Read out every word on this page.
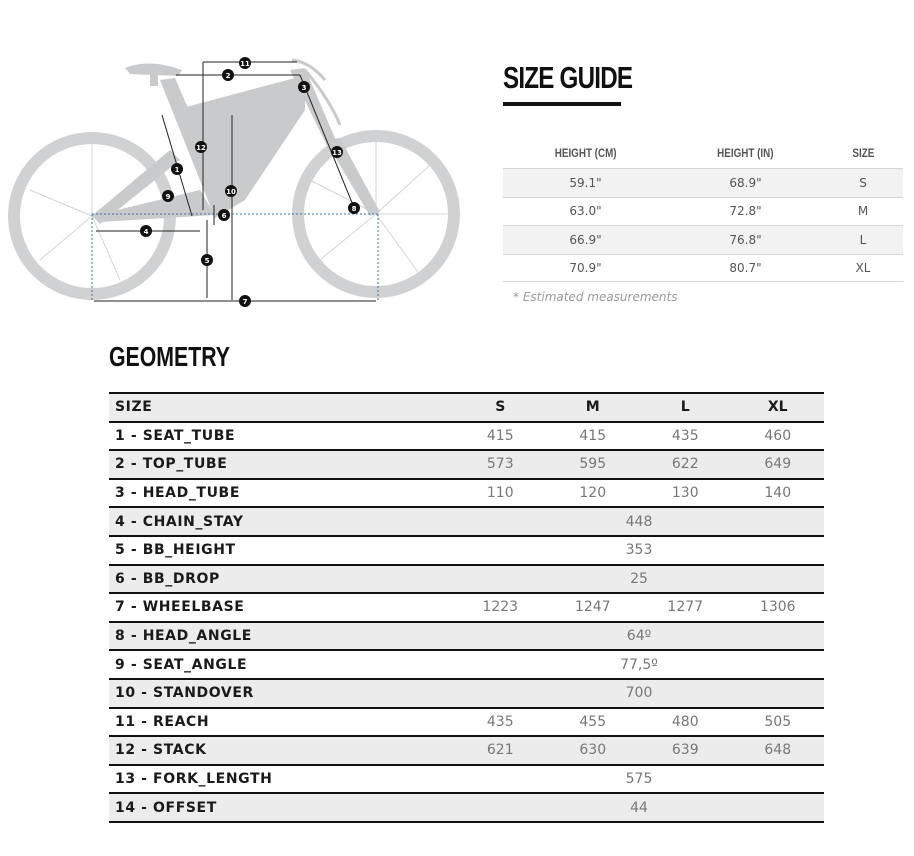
11
2
3
12
13
1
10
9
8
6
4
5
7
SIZE GUIDE
HEIGHT (CM)	HEIGHT (IN)	SIZE
59.1"	68.9"	S
63.0"	72.8"	M
66.9"	76.8"	L
70.9"	80.7"	XL
* Estimated measurements
GEOMETRY
SIZE	S	M	L	XL
1 - SEAT_TUBE	415	415	435	460
2 - TOP_TUBE	573	595	622	649
3 - HEAD_TUBE	110	120	130	140
4 - CHAIN_STAY	448
5 - BB_HEIGHT	353
6 - BB_DROP	25
7 - WHEELBASE	1223	1247	1277	1306
8 - HEAD_ANGLE	64º
9 - SEAT_ANGLE	77,5º
10 - STANDOVER	700
11 - REACH	435	455	480	505
12 - STACK	621	630	639	648
13 - FORK_LENGTH	575
14 - OFFSET	44
